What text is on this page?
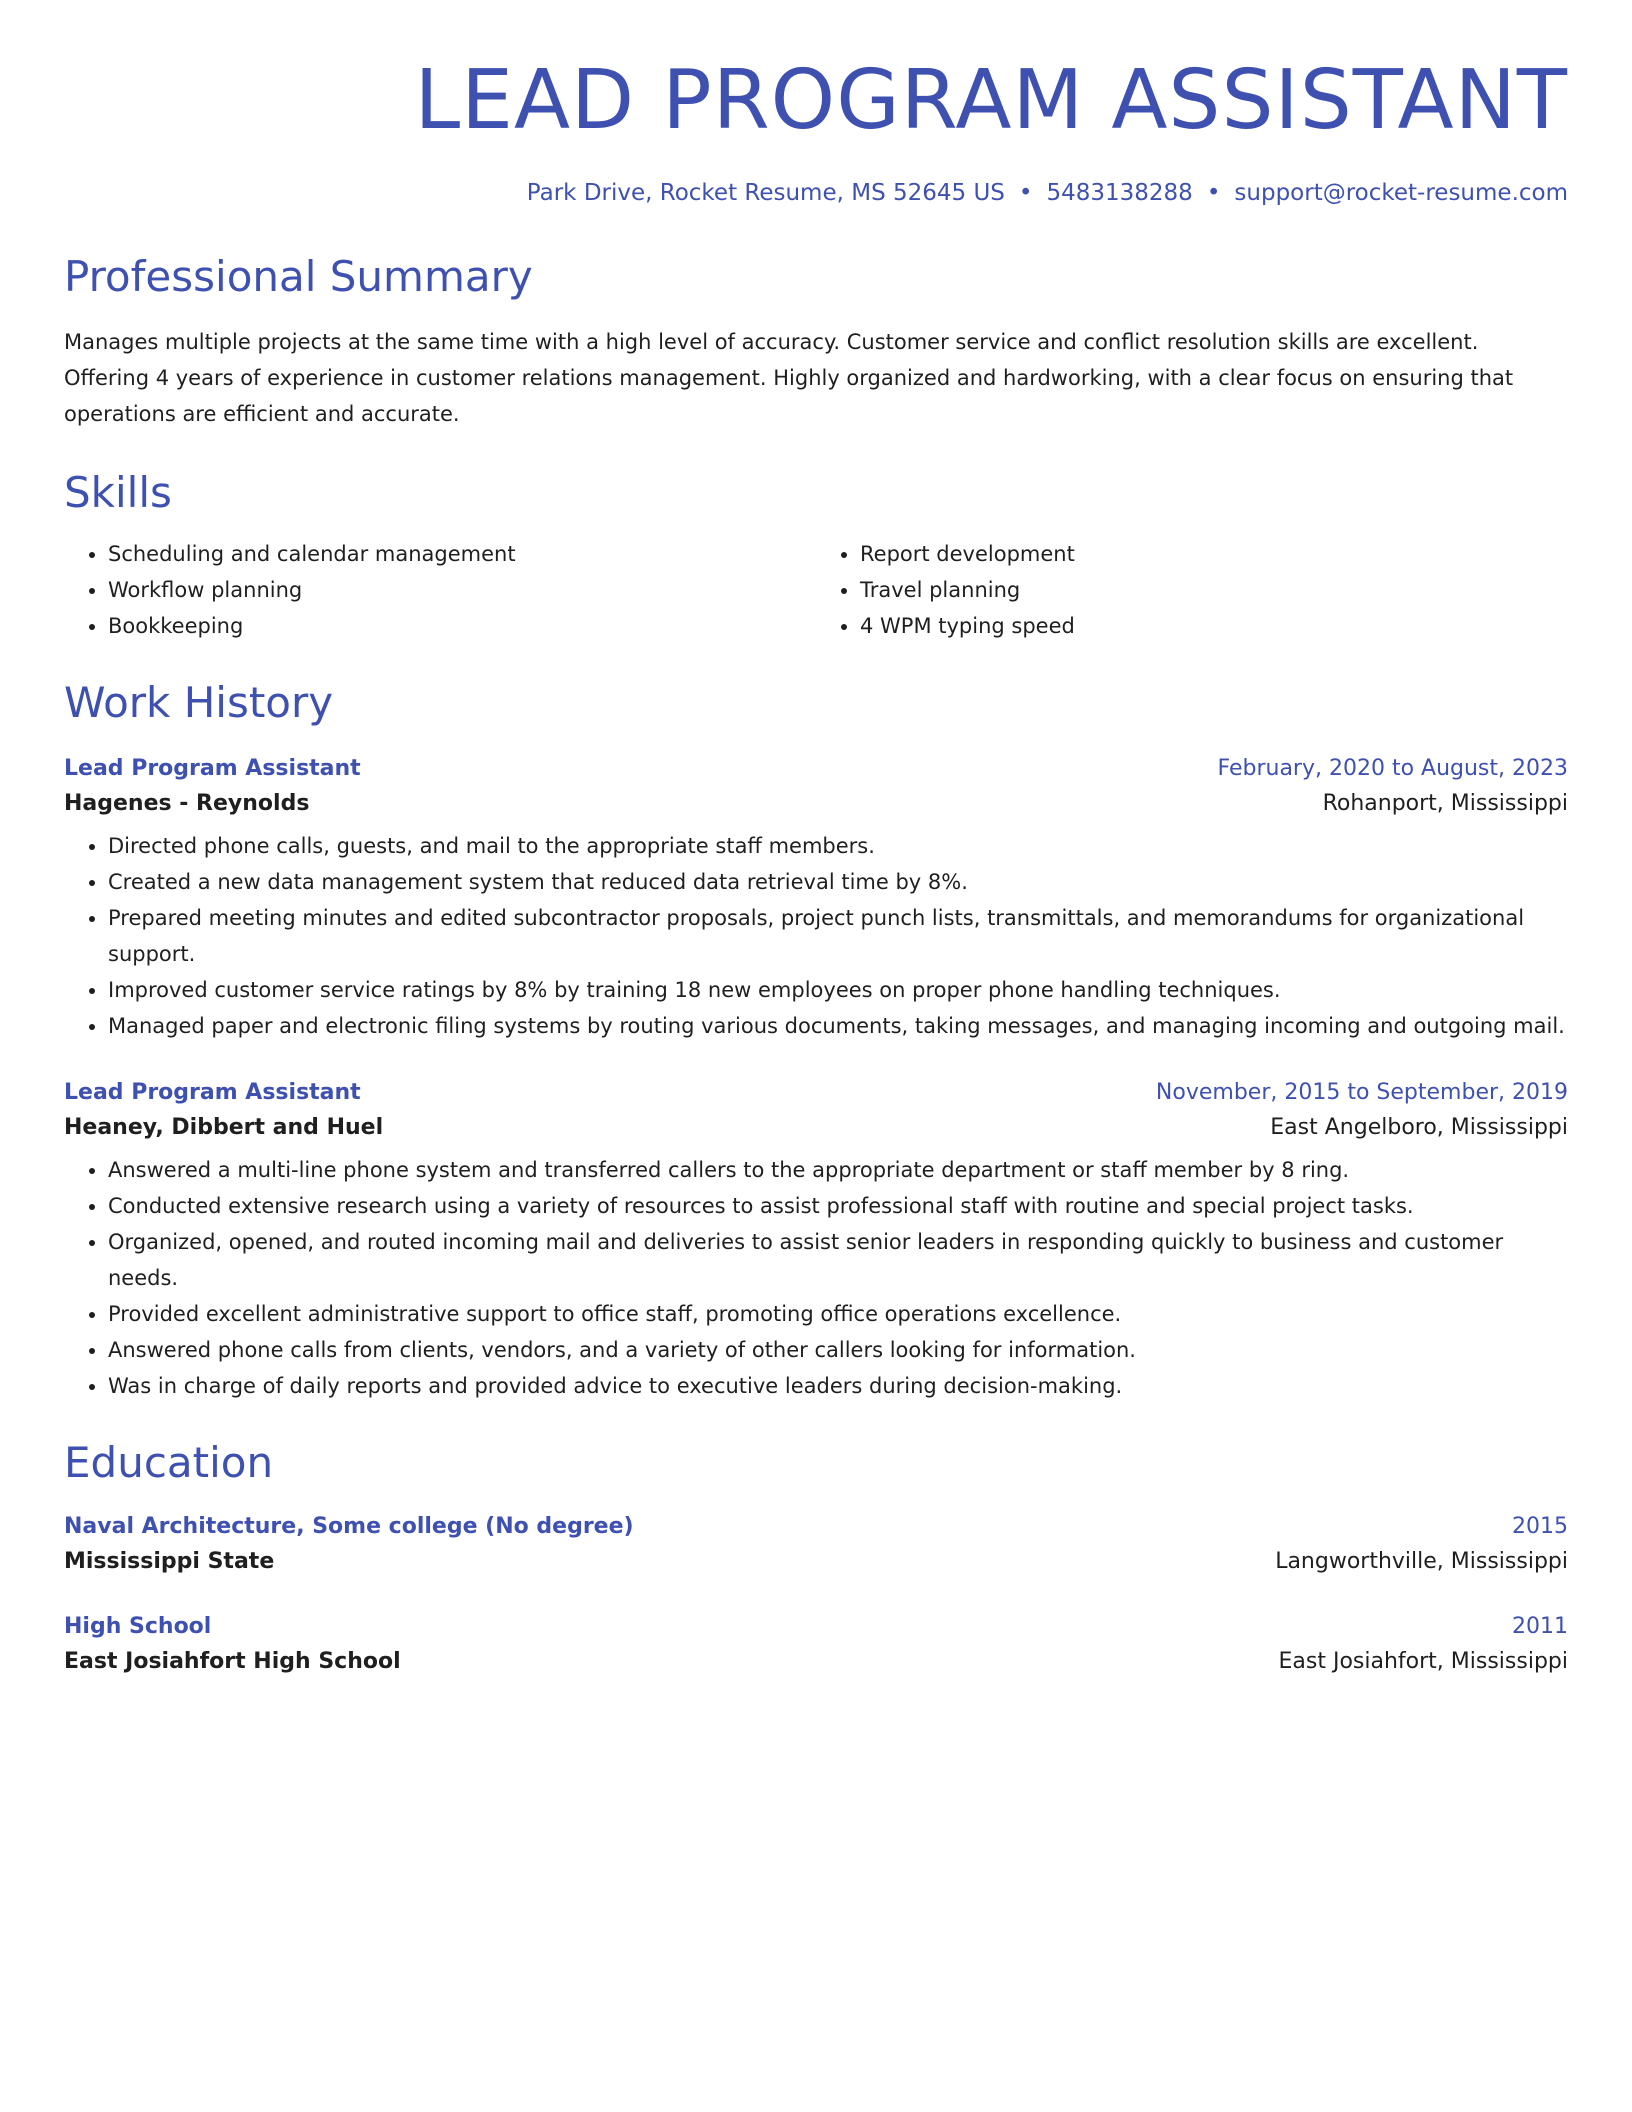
LEAD PROGRAM ASSISTANT
Park Drive, Rocket Resume, MS 52645 US • 5483138288 • support@rocket-resume.com
Professional Summary
Manages multiple projects at the same time with a high level of accuracy. Customer service and conflict resolution skills are excellent. Offering 4 years of experience in customer relations management. Highly organized and hardworking, with a clear focus on ensuring that operations are efficient and accurate.
Skills
• Scheduling and calendar management
• Workflow planning
• Bookkeeping
• Report development
• Travel planning
• 4 WPM typing speed
Work History
Lead Program Assistant	February, 2020 to August, 2023
Hagenes - Reynolds	Rohanport, Mississippi
• Directed phone calls, guests, and mail to the appropriate staff members.
• Created a new data management system that reduced data retrieval time by 8%.
• Prepared meeting minutes and edited subcontractor proposals, project punch lists, transmittals, and memorandums for organizational support.
• Improved customer service ratings by 8% by training 18 new employees on proper phone handling techniques.
• Managed paper and electronic filing systems by routing various documents, taking messages, and managing incoming and outgoing mail.
Lead Program Assistant	November, 2015 to September, 2019
Heaney, Dibbert and Huel	East Angelboro, Mississippi
• Answered a multi-line phone system and transferred callers to the appropriate department or staff member by 8 ring.
• Conducted extensive research using a variety of resources to assist professional staff with routine and special project tasks.
• Organized, opened, and routed incoming mail and deliveries to assist senior leaders in responding quickly to business and customer needs.
• Provided excellent administrative support to office staff, promoting office operations excellence.
• Answered phone calls from clients, vendors, and a variety of other callers looking for information.
• Was in charge of daily reports and provided advice to executive leaders during decision-making.
Education
Naval Architecture, Some college (No degree)	2015
Mississippi State	Langworthville, Mississippi
High School	2011
East Josiahfort High School	East Josiahfort, Mississippi
